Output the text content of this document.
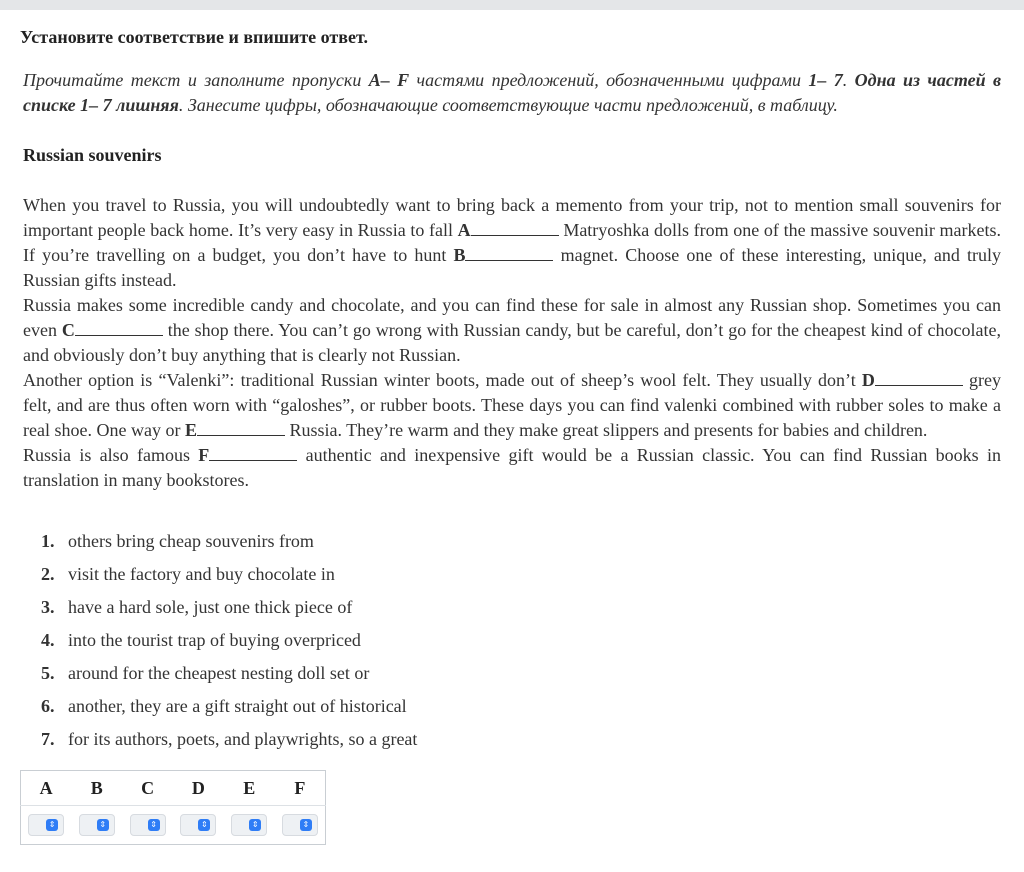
Установите соответствие и впишите ответ.
Прочитайте текст и заполните пропуски A– F частями предложений, обозначенными цифрами 1– 7. Одна из частей в списке 1– 7 лишняя. Занесите цифры, обозначающие соответствующие части предложений, в таблицу.
Russian souvenirs

When you travel to Russia, you will undoubtedly want to bring back a memento from your trip, not to mention small souvenirs for important people back home. It’s very easy in Russia to fall A	Matryoshka dolls from one of the massive souvenir markets. If you’re travelling on a budget, you don’t have to hunt B	magnet. Choose one of these interesting, unique, and truly Russian gifts instead.

Russia makes some incredible candy and chocolate, and you can find these for sale in almost any Russian shop. Sometimes you can even C	the shop there. You can’t go wrong with Russian candy, but be careful, don’t go for the cheapest kind of chocolate, and obviously don’t buy anything that is clearly not Russian.

Another option is “Valenki”: traditional Russian winter boots, made out of sheep’s wool felt. They usually don’t D	grey felt, and are thus often worn with “galoshes”, or rubber boots. These days you can find valenki combined with rubber soles to make a real shoe. One way or E	Russia. They’re warm and they make great slippers and presents for babies and children.

Russia is also famous F	authentic and inexpensive gift would be a Russian classic. You can find Russian books in translation in many bookstores.

1. others bring cheap souvenirs from
2. visit the factory and buy chocolate in
3. have a hard sole, just one thick piece of
4. into the tourist trap of buying overpriced
5. around for the cheapest nesting doll set or
6. another, they are a gift straight out of historical
7. for its authors, poets, and playwrights, so a great
A	B	C	D	E	F

⇕	⇕	⇕	⇕	⇕	⇕
